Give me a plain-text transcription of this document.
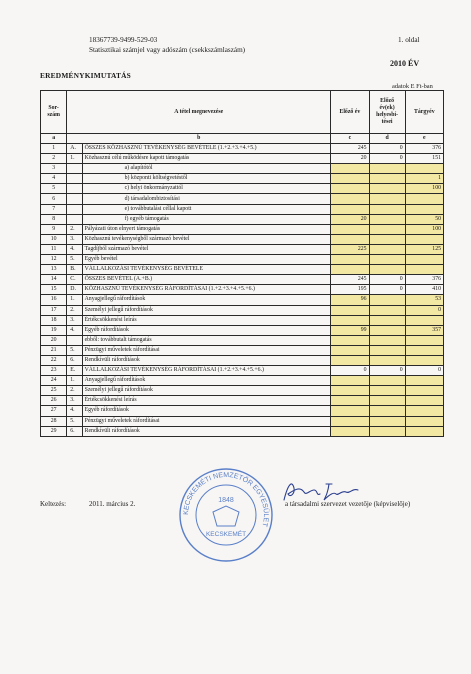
18367739-9499-529-03
Statisztikai számjel vagy adószám (csekkszámlaszám)
1. oldal
2010 ÉV
EREDMÉNYKIMUTATÁS
adatok E Ft-ban
Sor-
szám	A tétel megnevezése		Előző év	Előző
év(ek)
helyesbí-
tései	Tárgyév
a	b		c	d	e
1	A.	ÖSSZES KÖZHASZNÚ TEVÉKENYSÉG BEVÉTELE (1.+2.+3.+4.+5.)	245	0	376
2	1.	Közhasznú célú működésre kapott támogatás	20	0	151
3		a) alapítótól			
4		b) központi költségvetéstől			1
5		c) helyi önkormányzattól			100
6		d) társadalombiztosítási			
7		e) továbbutalási céllal kapott			
8		f) egyéb támogatás	20		50
9	2.	Pályázati úton elnyert támogatás			100
10	3.	Közhasznú tevékenységből származó bevétel			
11	4.	Tagdíjból származó bevétel	225		125
12	5.	Egyéb bevétel			
13	B.	VÁLLALKOZÁSI TEVÉKENYSÉG BEVÉTELE			
14	C.	ÖSSZES BEVÉTEL (A.+B.)	245	0	376
15	D.	KÖZHASZNÚ TEVÉKENYSÉG RÁFORDÍTÁSAI (1.+2.+3.+4.+5.+6.)	195	0	410
16	1.	Anyagjellegű ráfordítások	96		53
17	2.	Személyi jellegű ráfordítások			0
18	3.	Értékcsökkenési leírás			
19	4.	Egyéb ráfordítások	99		357
20		ebből: továbbutalt támogatás			
21	5.	Pénzügyi műveletek ráfordításai			
22	6.	Rendkívüli ráfordítások			
23	E.	VÁLLALKOZÁSI TEVÉKENYSÉG RÁFORDÍTÁSAI (1.+2.+3.+4.+5.+6.)	0	0	0
24	1.	Anyagjellegű ráfordítások			
25	2.	Személyi jellegű ráfordítások			
26	3.	Értékcsökkenési leírás			
27	4.	Egyéb ráfordítások			
28	5.	Pénzügyi műveletek ráfordításai			
29	6.	Rendkívüli ráfordítások			
Keltezés:	2011. március 2.
KECSKEMÉTI NEMZETŐR EGYESÜLET
1848
KECSKEMÉT
a társadalmi szervezet vezetője (képviselője)
